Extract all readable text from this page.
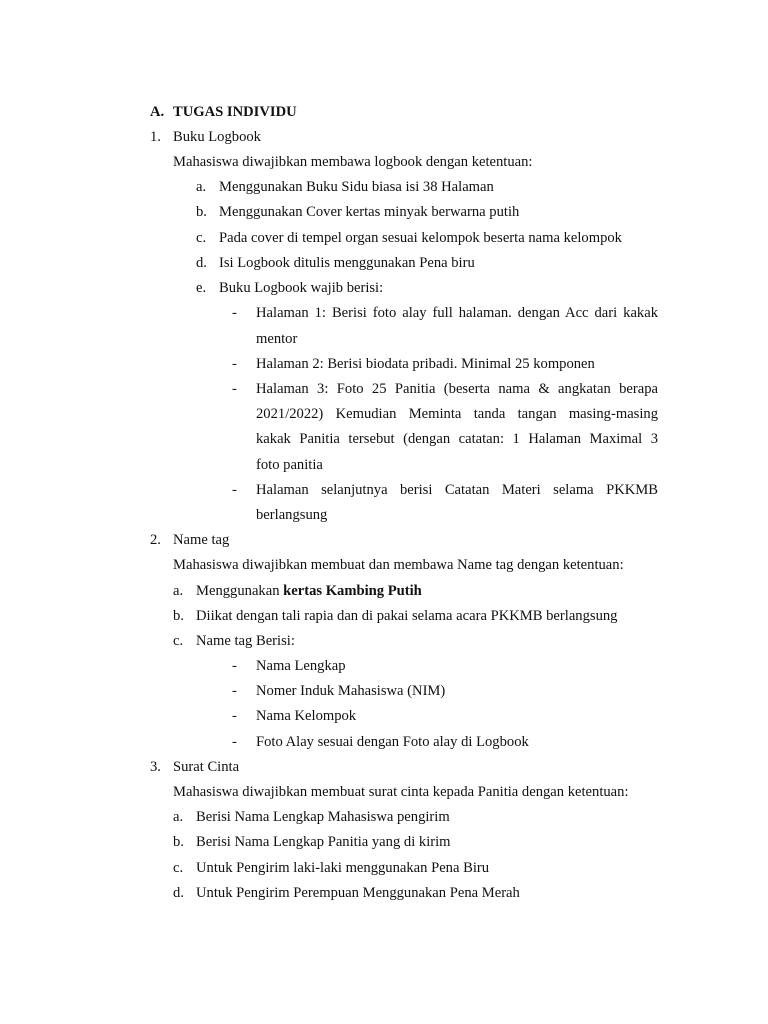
A. TUGAS INDIVIDU
1. Buku Logbook
Mahasiswa diwajibkan membawa logbook dengan ketentuan:
a. Menggunakan Buku Sidu biasa isi 38 Halaman
b. Menggunakan Cover kertas minyak berwarna putih
c. Pada cover di tempel organ sesuai kelompok beserta nama kelompok
d. Isi Logbook ditulis menggunakan Pena biru
e. Buku Logbook wajib berisi:
- Halaman 1: Berisi foto alay full halaman. dengan Acc dari kakak
mentor
- Halaman 2: Berisi biodata pribadi. Minimal 25 komponen
- Halaman 3: Foto 25 Panitia (beserta nama & angkatan berapa
2021/2022) Kemudian Meminta tanda tangan masing-masing
kakak Panitia tersebut (dengan catatan: 1 Halaman Maximal 3
foto panitia
- Halaman selanjutnya berisi Catatan Materi selama PKKMB
berlangsung
2. Name tag
Mahasiswa diwajibkan membuat dan membawa Name tag dengan ketentuan:
a. Menggunakan kertas Kambing Putih
b. Diikat dengan tali rapia dan di pakai selama acara PKKMB berlangsung
c. Name tag Berisi:
- Nama Lengkap
- Nomer Induk Mahasiswa (NIM)
- Nama Kelompok
- Foto Alay sesuai dengan Foto alay di Logbook
3. Surat Cinta
Mahasiswa diwajibkan membuat surat cinta kepada Panitia dengan ketentuan:
a. Berisi Nama Lengkap Mahasiswa pengirim
b. Berisi Nama Lengkap Panitia yang di kirim
c. Untuk Pengirim laki-laki menggunakan Pena Biru
d. Untuk Pengirim Perempuan Menggunakan Pena Merah
